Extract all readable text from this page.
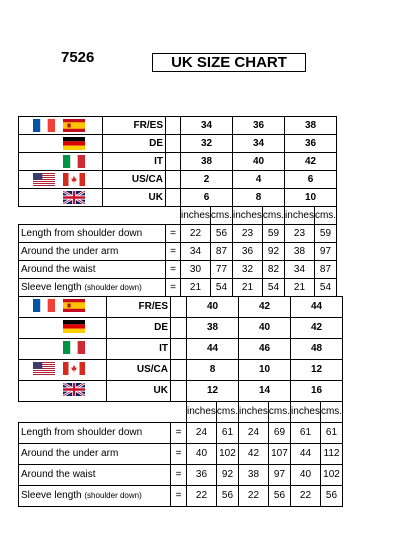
7526	UK SIZE CHART
	FR/ES		34		36		38	

	DE		32		34		36	

	IT		38		40		42	

	US/CA		2		4		6	

	UK		6		8		10	
			inches	cms.	inches	cms.	inches	cms.
Length from shoulder down		=	22	56	23	59	23	59
Around the under arm		=	34	87	36	92	38	97
Around the waist		=	30	77	32	82	34	87
Sleeve length (shoulder down)		=	21	54	21	54	21	54
	FR/ES		40		42		44	

	DE		38		40		42	

	IT		44		46		48	

	US/CA		8		10		12	

	UK		12		14		16	
			inches	cms.	inches	cms.	inches	cms.
Length from shoulder down		=	24	61	24	69	61	61
Around the under arm		=	40	102	42	107	44	112
Around the waist		=	36	92	38	97	40	102
Sleeve length (shoulder down)		=	22	56	22	56	22	56
